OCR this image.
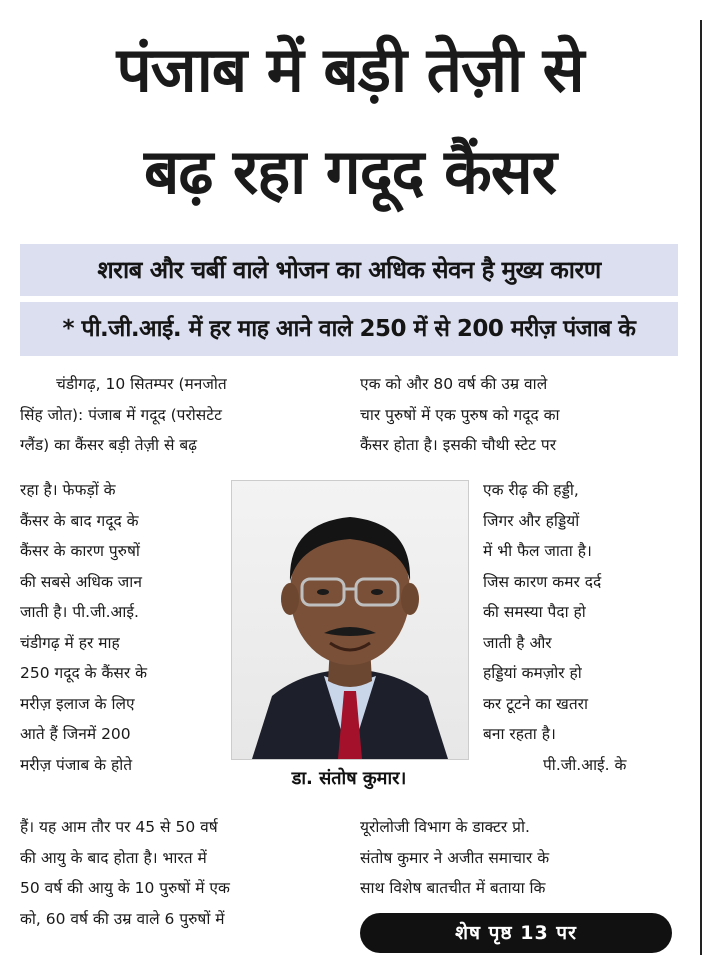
पंजाब में बड़ी तेज़ी से
बढ़ रहा गदूद कैंसर
शराब और चर्बी वाले भोजन का अधिक सेवन है मुख्य कारण
* पी.जी.आई. में हर माह आने वाले 250 में से 200 मरीज़ पंजाब के

चंडीगढ़, 10 सितम्पर (मनजोत

सिंह जोत): पंजाब में गदूद (परोसटेट

ग्लैंड) का कैंसर बड़ी तेज़ी से बढ़

रहा है। फेफड़ों के

कैंसर के बाद गदूद के

कैंसर के कारण पुरुषों

की सबसे अधिक जान

जाती है। पी.जी.आई.

चंडीगढ़ में हर माह

250 गदूद के कैंसर के

मरीज़ इलाज के लिए

आते हैं जिनमें 200

मरीज़ पंजाब के होते

हैं। यह आम तौर पर 45 से 50 वर्ष

की आयु के बाद होता है। भारत में

50 वर्ष की आयु के 10 पुरुषों में एक

को, 60 वर्ष की उम्र वाले 6 पुरुषों में

एक को और 80 वर्ष की उम्र वाले

चार पुरुषों में एक पुरुष को गदूद का

कैंसर होता है। इसकी चौथी स्टेट पर

एक रीढ़ की हड्डी,

जिगर और हड्डियों

में भी फैल जाता है।

जिस कारण कमर दर्द

की समस्या पैदा हो

जाती है और

हड्डियां कमज़ोर हो

कर टूटने का खतरा

बना रहता है।

पी.जी.आई. के

यूरोलोजी विभाग के डाक्टर प्रो.

संतोष कुमार ने अजीत समाचार के

साथ विशेष बातचीत में बताया कि

डा. संतोष कुमार।
शेष पृष्ठ 13 पर
